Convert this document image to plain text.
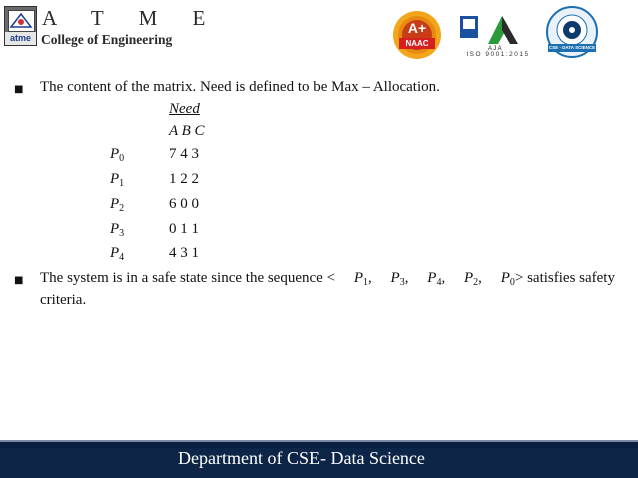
atme
A T M E
College of Engineering
A+
NAAC
A J A
ISO 9001:2015
CSE - DATA SCIENCE
■ The content of the matrix. Need is defined to be Max – Allocation.
Need
A B C
$P_0$	7 4 3
$P_1$	1 2 2
$P_2$	6 0 0
$P_3$	0 1 1
$P_4$	4 3 1
■ The system is in a safe state since the sequence < $P_1$, $P_3$, $P_4$, $P_2$, $P_0>$ satisfies safety
criteria.
Department of CSE- Data Science
